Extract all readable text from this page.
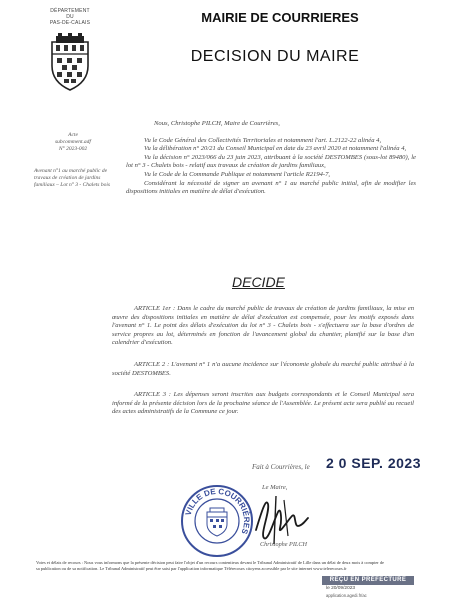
DÉPARTEMENT
DU
PAS-DE-CALAIS	MAIRIE DE COURRIERES
DECISION DU MAIRE
Acte
subcomment.adf
N° 2023-002
Avenant n°1 au marché public de travaux de création de jardins familiaux – Lot n° 3 - Chalets bois

Nous, Christophe PILCH, Maire de Courrières,

Vu le Code Général des Collectivités Territoriales et notamment l'art. L.2122-22 alinéa 4,

Vu la délibération n° 20/21 du Conseil Municipal en date du 23 avril 2020 et notamment l'alinéa 4,

Vu la décision n° 2023/066 du 23 juin 2023, attribuant à la société DESTOMBES (sous-lot 89480), le lot n° 3 - Chalets bois - relatif aux travaux de création de jardins familiaux,

Vu le Code de la Commande Publique et notamment l'article R2194-7,

Considérant la nécessité de signer un avenant n° 1 au marché public initial, afin de modifier les dispositions initiales en matière de délai d'exécution.

DECIDE

ARTICLE 1er : Dans le cadre du marché public de travaux de création de jardins familiaux, la mise en œuvre des dispositions initiales en matière de délai d'exécution est compensée, pour les motifs exposés dans l'avenant n° 1. Le point des délais d'exécution du lot n° 3 - Chalets bois - s'effectuera sur la base d'ordres de service propres au lot, déterminés en fonction de l'avancement global du chantier, planifié sur la base d'un calendrier d'exécution.

ARTICLE 2 : L'avenant n° 1 n'a aucune incidence sur l'économie globale du marché public attribué à la société DESTOMBES.

ARTICLE 3 : Les dépenses seront inscrites aux budgets correspondants et le Conseil Municipal sera informé de la présente décision lors de la prochaine séance de l'Assemblée. Le présent acte sera publié au recueil des actes administratifs de la Commune ce jour.

Fait à Courrières, le 2 0 SEP. 2023
Le Maire,
VILLE DE COURRIÈRES
Christophe PILCH
Voies et délais de recours : Nous vous informons que la présente décision peut faire l'objet d'un recours contentieux devant le Tribunal Administratif de Lille dans un délai de deux mois à compter de sa publication ou de sa notification. Le Tribunal Administratif peut être saisi par l'application informatique Télérecours citoyens accessible par le site internet www.telerecours.fr
REÇU EN PRÉFECTURE
le 20/09/2023
application.agedi.fr/ac
